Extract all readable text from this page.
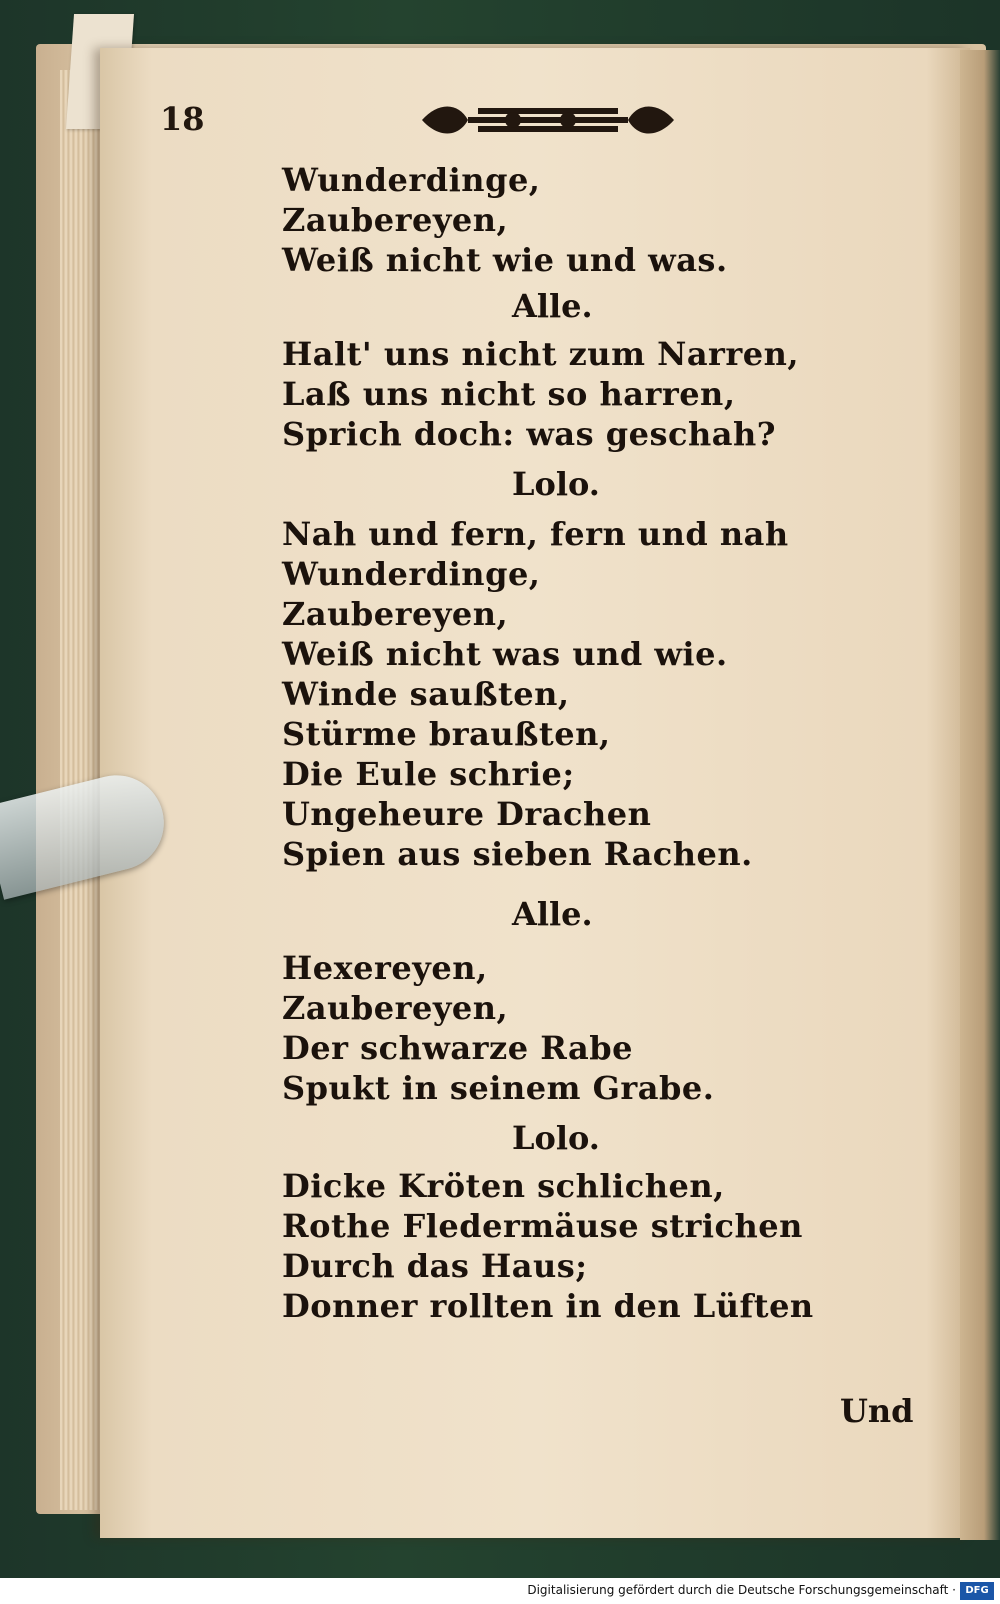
18
Wunderdinge,
Zaubereyen,
Weiß nicht wie und was.
Alle.
Halt' uns nicht zum Narren,
Laß uns nicht so harren,
Sprich doch: was geschah?
Lolo.
Nah und fern, fern und nah
Wunderdinge,
Zaubereyen,
Weiß nicht was und wie.
Winde saußten,
Stürme braußten,
Die Eule schrie;
Ungeheure Drachen
Spien aus sieben Rachen.
Alle.
Hexereyen,
Zaubereyen,
Der schwarze Rabe
Spukt in seinem Grabe.
Lolo.
Dicke Kröten schlichen,
Rothe Fledermäuse strichen
Durch das Haus;
Donner rollten in den Lüften
Und
Digitalisierung gefördert durch die Deutsche Forschungsgemeinschaft · DFG
